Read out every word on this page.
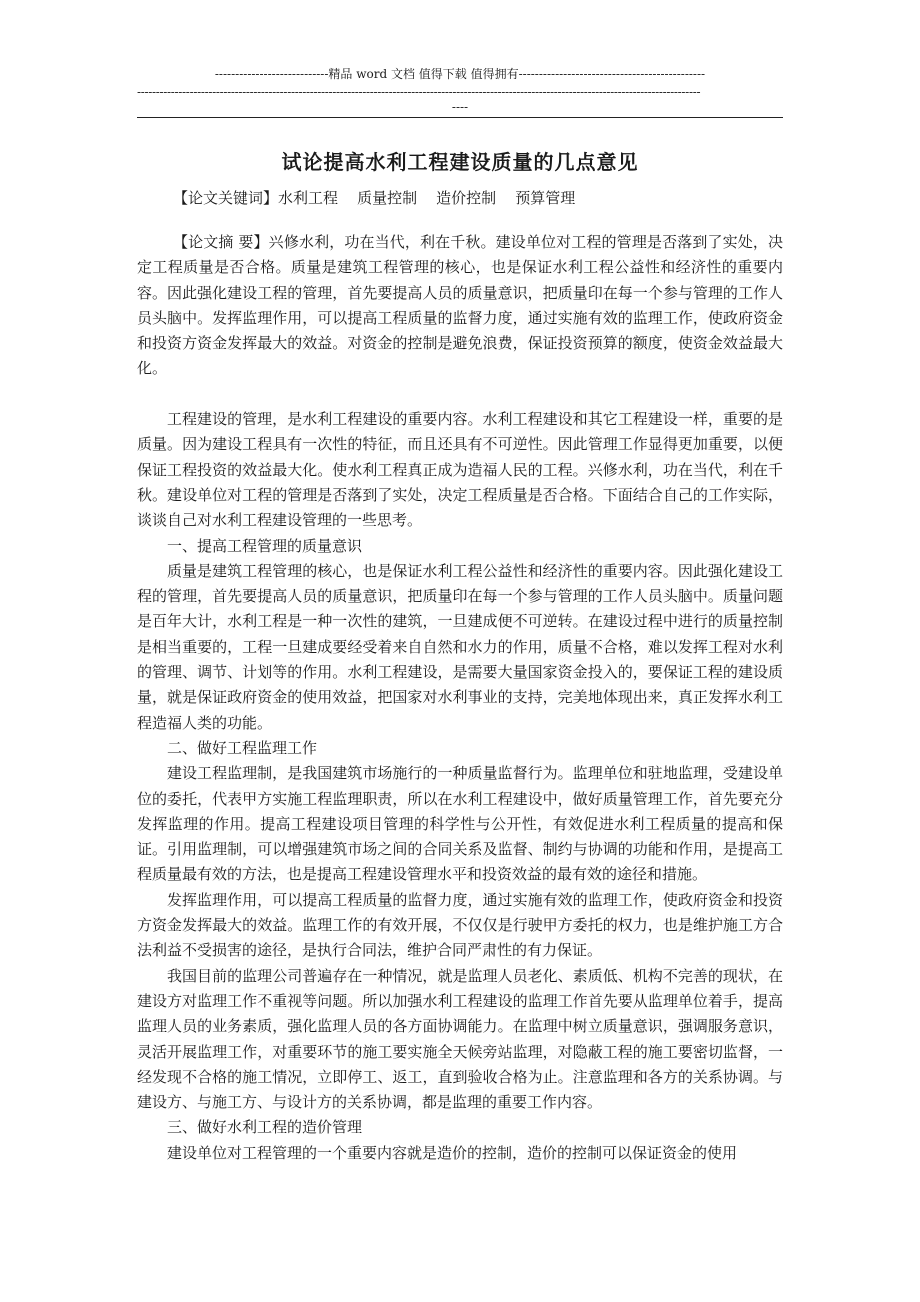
----------------------------精品 word 文档 值得下载 值得拥有----------------------------------------------
------------------------------------------------------------------------------------------------------------------------------------------------------
----
试论提高水利工程建设质量的几点意见
【论文关键词】水利工程    质量控制    造价控制    预算管理

【论文摘 要】兴修水利，功在当代，利在千秋。建设单位对工程的管理是否落到了实处，决定工程质量是否合格。质量是建筑工程管理的核心，也是保证水利工程公益性和经济性的重要内容。因此强化建设工程的管理，首先要提高人员的质量意识，把质量印在每一个参与管理的工作人员头脑中。发挥监理作用，可以提高工程质量的监督力度，通过实施有效的监理工作，使政府资金和投资方资金发挥最大的效益。对资金的控制是避免浪费，保证投资预算的额度，使资金效益最大化。

工程建设的管理，是水利工程建设的重要内容。水利工程建设和其它工程建设一样，重要的是质量。因为建设工程具有一次性的特征，而且还具有不可逆性。因此管理工作显得更加重要，以便保证工程投资的效益最大化。使水利工程真正成为造福人民的工程。兴修水利，功在当代，利在千秋。建设单位对工程的管理是否落到了实处，决定工程质量是否合格。下面结合自己的工作实际，谈谈自己对水利工程建设管理的一些思考。

一、提高工程管理的质量意识

质量是建筑工程管理的核心，也是保证水利工程公益性和经济性的重要内容。因此强化建设工程的管理，首先要提高人员的质量意识，把质量印在每一个参与管理的工作人员头脑中。质量问题是百年大计，水利工程是一种一次性的建筑，一旦建成便不可逆转。在建设过程中进行的质量控制是相当重要的，工程一旦建成要经受着来自自然和水力的作用，质量不合格，难以发挥工程对水利的管理、调节、计划等的作用。水利工程建设，是需要大量国家资金投入的，要保证工程的建设质量，就是保证政府资金的使用效益，把国家对水利事业的支持，完美地体现出来，真正发挥水利工程造福人类的功能。

二、做好工程监理工作

建设工程监理制，是我国建筑市场施行的一种质量监督行为。监理单位和驻地监理，受建设单位的委托，代表甲方实施工程监理职责，所以在水利工程建设中，做好质量管理工作，首先要充分发挥监理的作用。提高工程建设项目管理的科学性与公开性，有效促进水利工程质量的提高和保证。引用监理制，可以增强建筑市场之间的合同关系及监督、制约与协调的功能和作用，是提高工程质量最有效的方法，也是提高工程建设管理水平和投资效益的最有效的途径和措施。

发挥监理作用，可以提高工程质量的监督力度，通过实施有效的监理工作，使政府资金和投资方资金发挥最大的效益。监理工作的有效开展，不仅仅是行驶甲方委托的权力，也是维护施工方合法利益不受损害的途径，是执行合同法，维护合同严肃性的有力保证。

我国目前的监理公司普遍存在一种情况，就是监理人员老化、素质低、机构不完善的现状，在建设方对监理工作不重视等问题。所以加强水利工程建设的监理工作首先要从监理单位着手，提高监理人员的业务素质，强化监理人员的各方面协调能力。在监理中树立质量意识，强调服务意识，灵活开展监理工作，对重要环节的施工要实施全天候旁站监理，对隐蔽工程的施工要密切监督，一经发现不合格的施工情况，立即停工、返工，直到验收合格为止。注意监理和各方的关系协调。与建设方、与施工方、与设计方的关系协调，都是监理的重要工作内容。

三、做好水利工程的造价管理

建设单位对工程管理的一个重要内容就是造价的控制，造价的控制可以保证资金的使用
